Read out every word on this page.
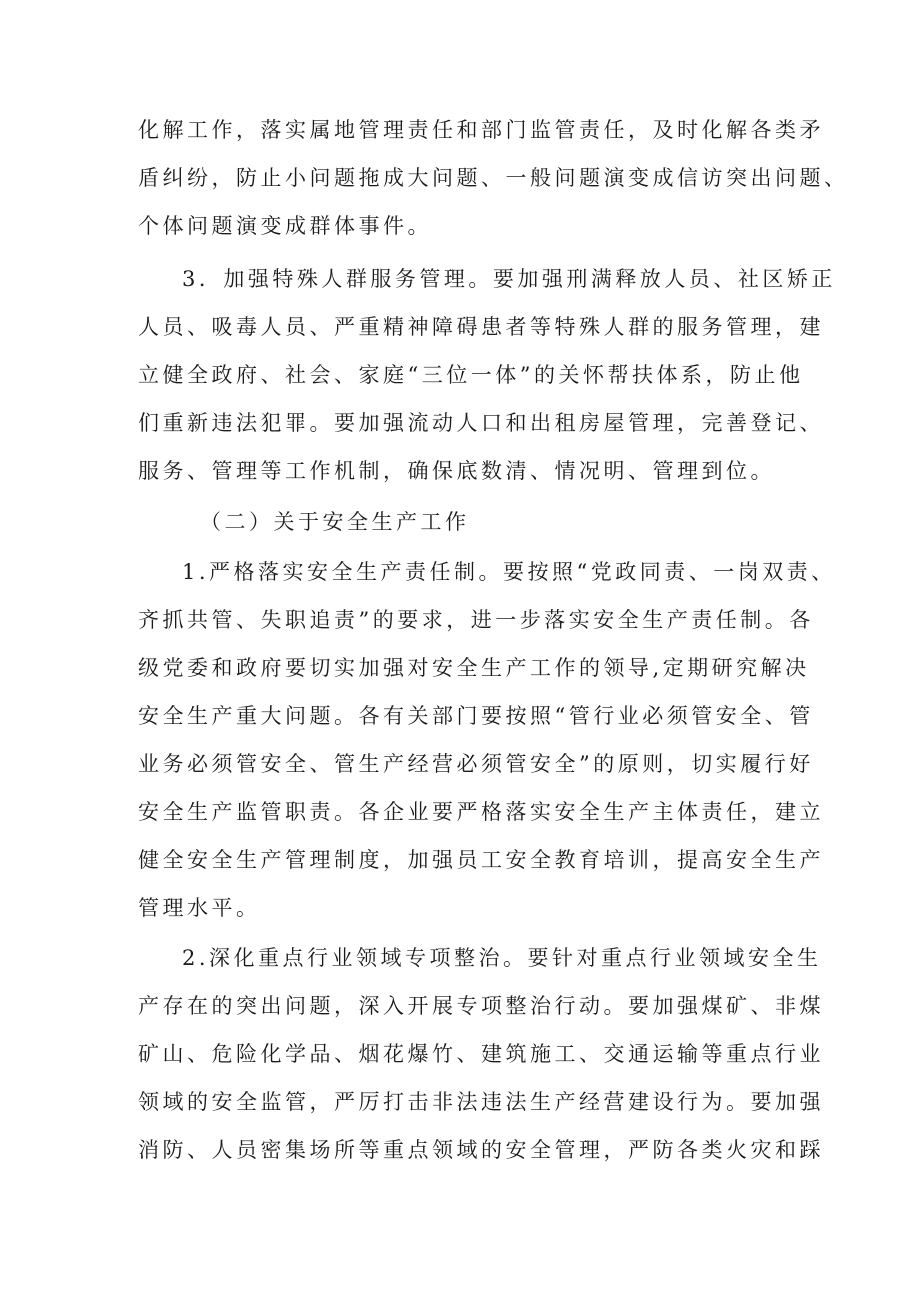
化解工作，落实属地管理责任和部门监管责任，及时化解各类矛
盾纠纷，防止小问题拖成大问题、一般问题演变成信访突出问题、
个体问题演变成群体事件。
3．加强特殊人群服务管理。要加强刑满释放人员、社区矫正
人员、吸毒人员、严重精神障碍患者等特殊人群的服务管理，建
立健全政府、社会、家庭“三位一体”的关怀帮扶体系，防止他
们重新违法犯罪。要加强流动人口和出租房屋管理，完善登记、
服务、管理等工作机制，确保底数清、情况明、管理到位。
（二）关于安全生产工作
1.严格落实安全生产责任制。要按照“党政同责、一岗双责、
齐抓共管、失职追责”的要求，进一步落实安全生产责任制。各
级党委和政府要切实加强对安全生产工作的领导,定期研究解决
安全生产重大问题。各有关部门要按照“管行业必须管安全、管
业务必须管安全、管生产经营必须管安全”的原则，切实履行好
安全生产监管职责。各企业要严格落实安全生产主体责任，建立
健全安全生产管理制度，加强员工安全教育培训，提高安全生产
管理水平。
2.深化重点行业领域专项整治。要针对重点行业领域安全生
产存在的突出问题，深入开展专项整治行动。要加强煤矿、非煤
矿山、危险化学品、烟花爆竹、建筑施工、交通运输等重点行业
领域的安全监管，严厉打击非法违法生产经营建设行为。要加强
消防、人员密集场所等重点领域的安全管理，严防各类火灾和踩
